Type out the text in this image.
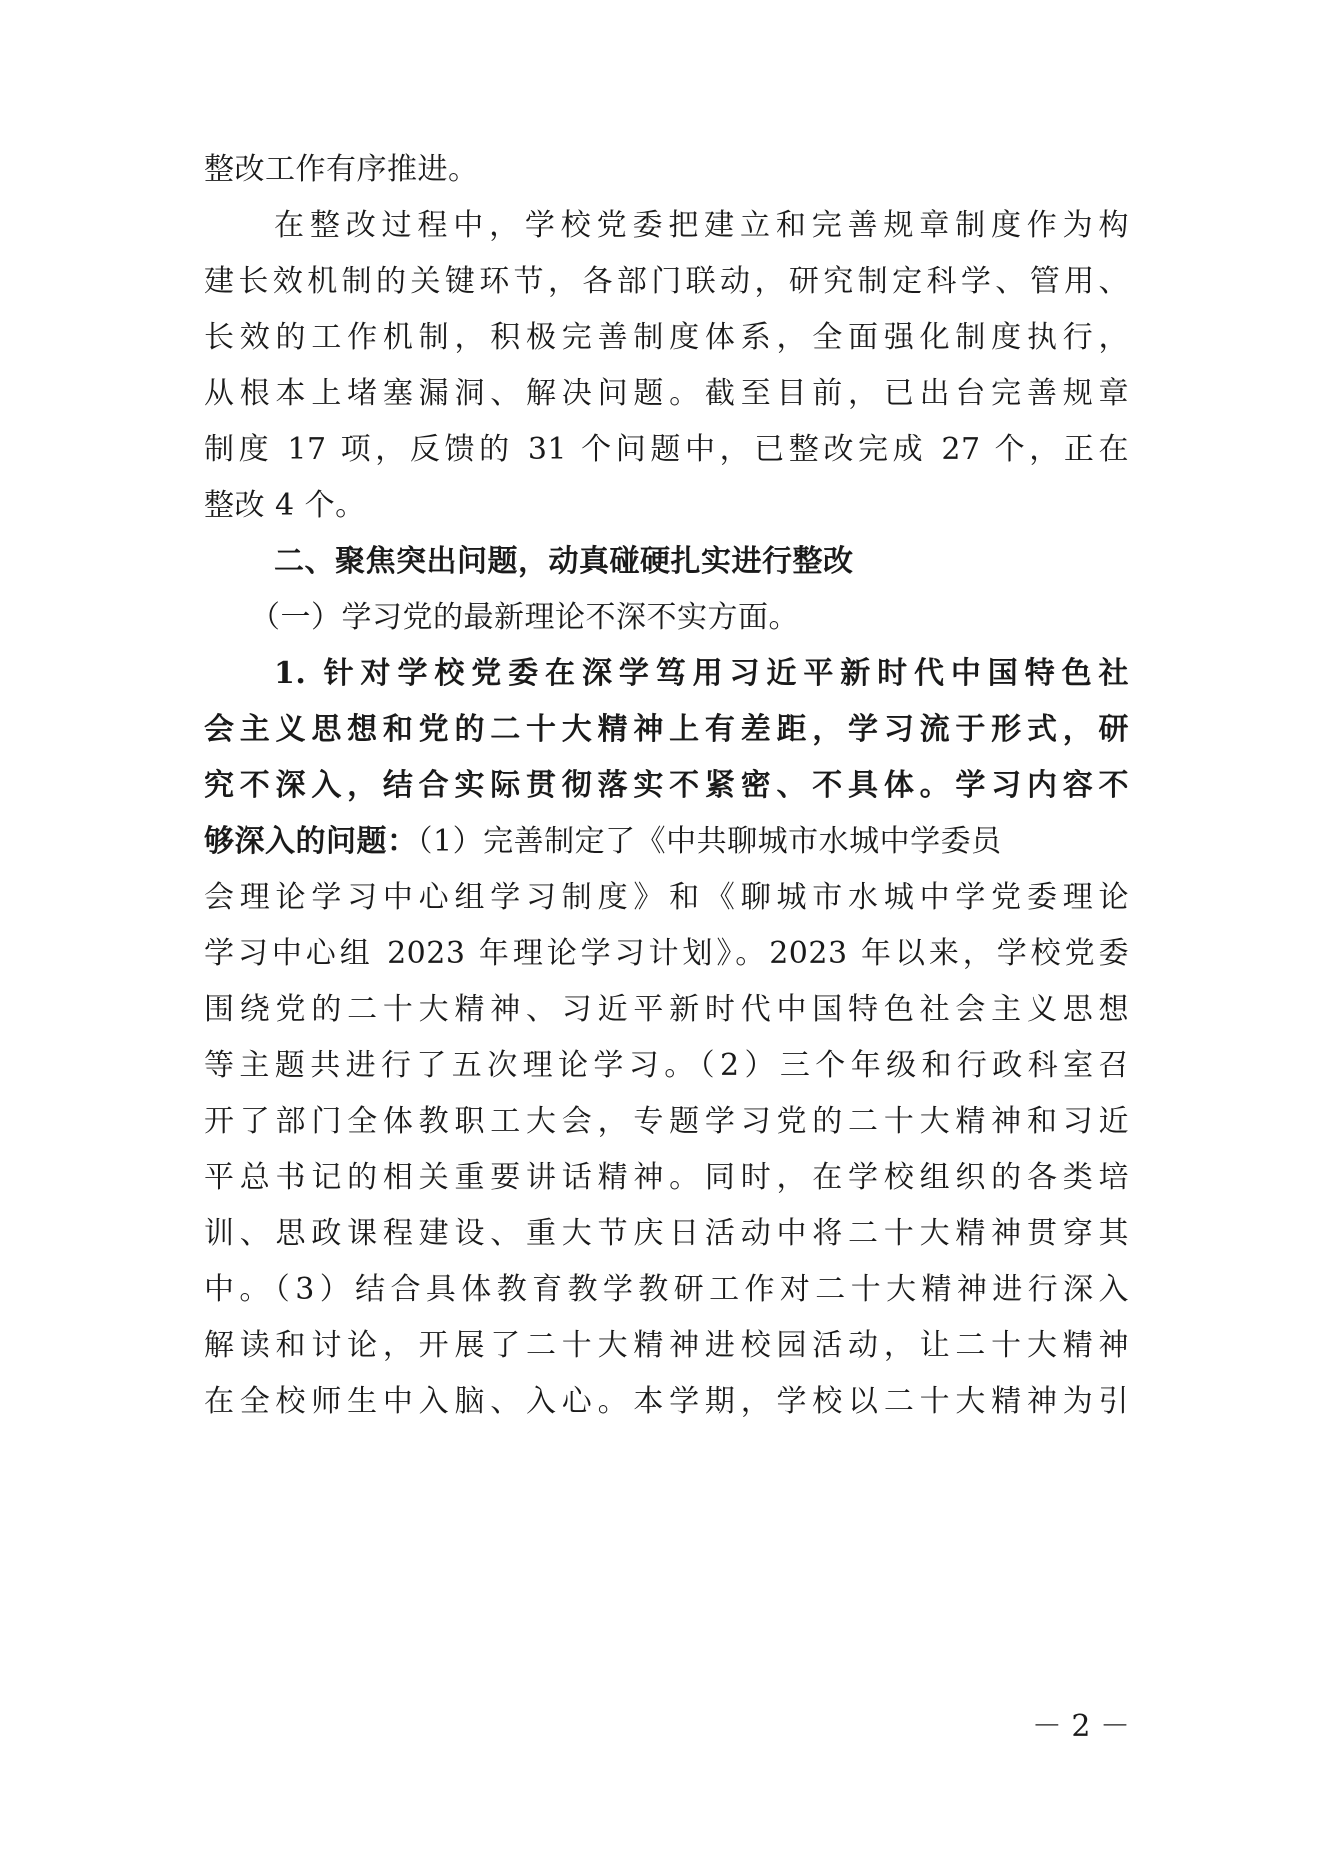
整改工作有序推进。
在整改过程中，学校党委把建立和完善规章制度作为构
建长效机制的关键环节，各部门联动，研究制定科学、管用、
长效的工作机制，积极完善制度体系，全面强化制度执行，
从根本上堵塞漏洞、解决问题。截至目前，已出台完善规章
制度 17 项，反馈的 31 个问题中，已整改完成 27 个，正在
整改 4 个。
二、聚焦突出问题，动真碰硬扎实进行整改
（一）学习党的最新理论不深不实方面。
1. 针对学校党委在深学笃用习近平新时代中国特色社
会主义思想和党的二十大精神上有差距，学习流于形式，研
究不深入，结合实际贯彻落实不紧密、不具体。学习内容不
够深入的问题：（1）完善制定了《中共聊城市水城中学委员
会理论学习中心组学习制度》和《聊城市水城中学党委理论
学习中心组 2023 年理论学习计划》。2023 年以来，学校党委
围绕党的二十大精神、习近平新时代中国特色社会主义思想
等主题共进行了五次理论学习。（2）三个年级和行政科室召
开了部门全体教职工大会，专题学习党的二十大精神和习近
平总书记的相关重要讲话精神。同时，在学校组织的各类培
训、思政课程建设、重大节庆日活动中将二十大精神贯穿其
中。（3）结合具体教育教学教研工作对二十大精神进行深入
解读和讨论，开展了二十大精神进校园活动，让二十大精神
在全校师生中入脑、入心。本学期，学校以二十大精神为引
－ 2 －
